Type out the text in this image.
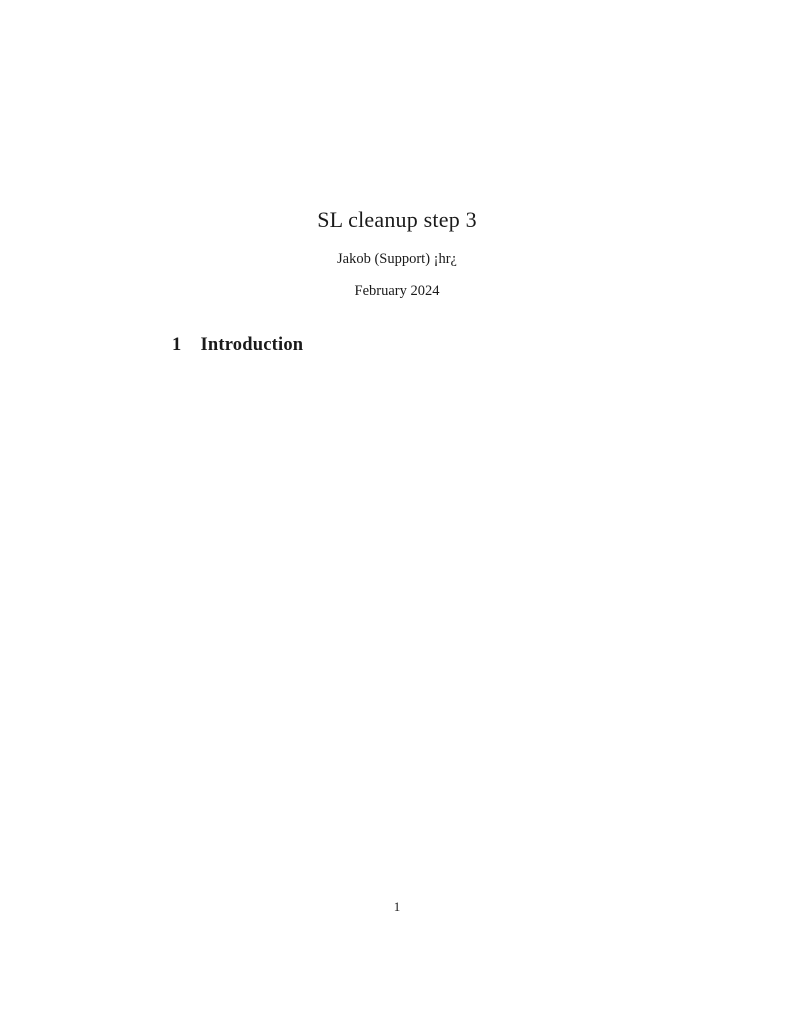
SL cleanup step 3

Jakob (Support) ¡hr¿

February 2024

1 Introduction
1
